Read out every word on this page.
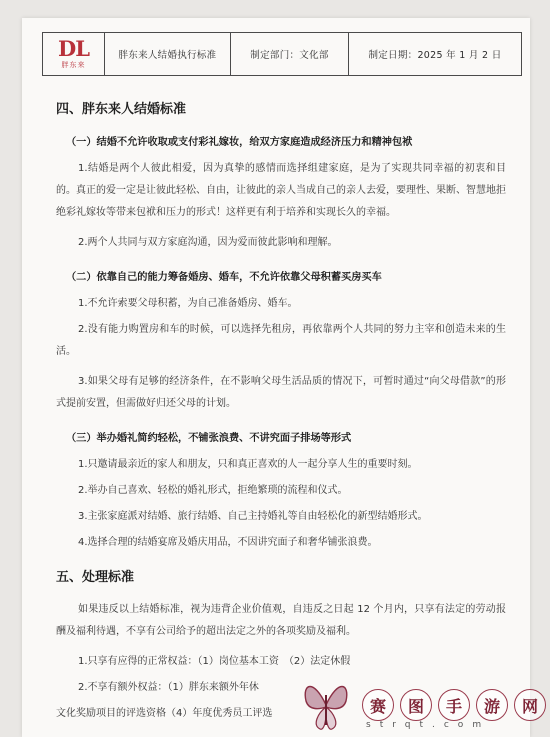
DL
胖东来
胖东来人结婚执行标准	制定部门：文化部	制定日期：2025 年 1 月 2 日
四、胖东来人结婚标准
（一）结婚不允许收取或支付彩礼嫁妆，给双方家庭造成经济压力和精神包袱
1.结婚是两个人彼此相爱，因为真挚的感情而选择组建家庭，是为了实现共同幸福的初衷和目的。真正的爱一定是让彼此轻松、自由，让彼此的亲人当成自己的亲人去爱，要理性、果断、智慧地拒绝彩礼嫁妆等带来包袱和压力的形式！这样更有利于培养和实现长久的幸福。
2.两个人共同与双方家庭沟通，因为爱而彼此影响和理解。
（二）依靠自己的能力筹备婚房、婚车，不允许依靠父母积蓄买房买车
1.不允许索要父母积蓄，为自己准备婚房、婚车。
2.没有能力购置房和车的时候，可以选择先租房，再依靠两个人共同的努力主宰和创造未来的生活。
3.如果父母有足够的经济条件，在不影响父母生活品质的情况下，可暂时通过“向父母借款”的形式提前安置，但需做好归还父母的计划。
（三）举办婚礼简约轻松，不铺张浪费、不讲究面子排场等形式
1.只邀请最亲近的家人和朋友，只和真正喜欢的人一起分享人生的重要时刻。
2.举办自己喜欢、轻松的婚礼形式，拒绝繁琐的流程和仪式。
3.主张家庭派对结婚、旅行结婚、自己主持婚礼等自由轻松化的新型结婚形式。
4.选择合理的结婚宴席及婚庆用品，不因讲究面子和奢华铺张浪费。
五、处理标准
如果违反以上结婚标准，视为违背企业价值观，自违反之日起 12 个月内，只享有法定的劳动报酬及福利待遇，不享有公司给予的超出法定之外的各项奖励及福利。
1.只享有应得的正常权益：（1）岗位基本工资　（2）法定休假
2.不享有额外权益：（1）胖东来额外年休
文化奖励项目的评选资格（4）年度优秀员工评选	赛	图	手	游	网
strqt.com
